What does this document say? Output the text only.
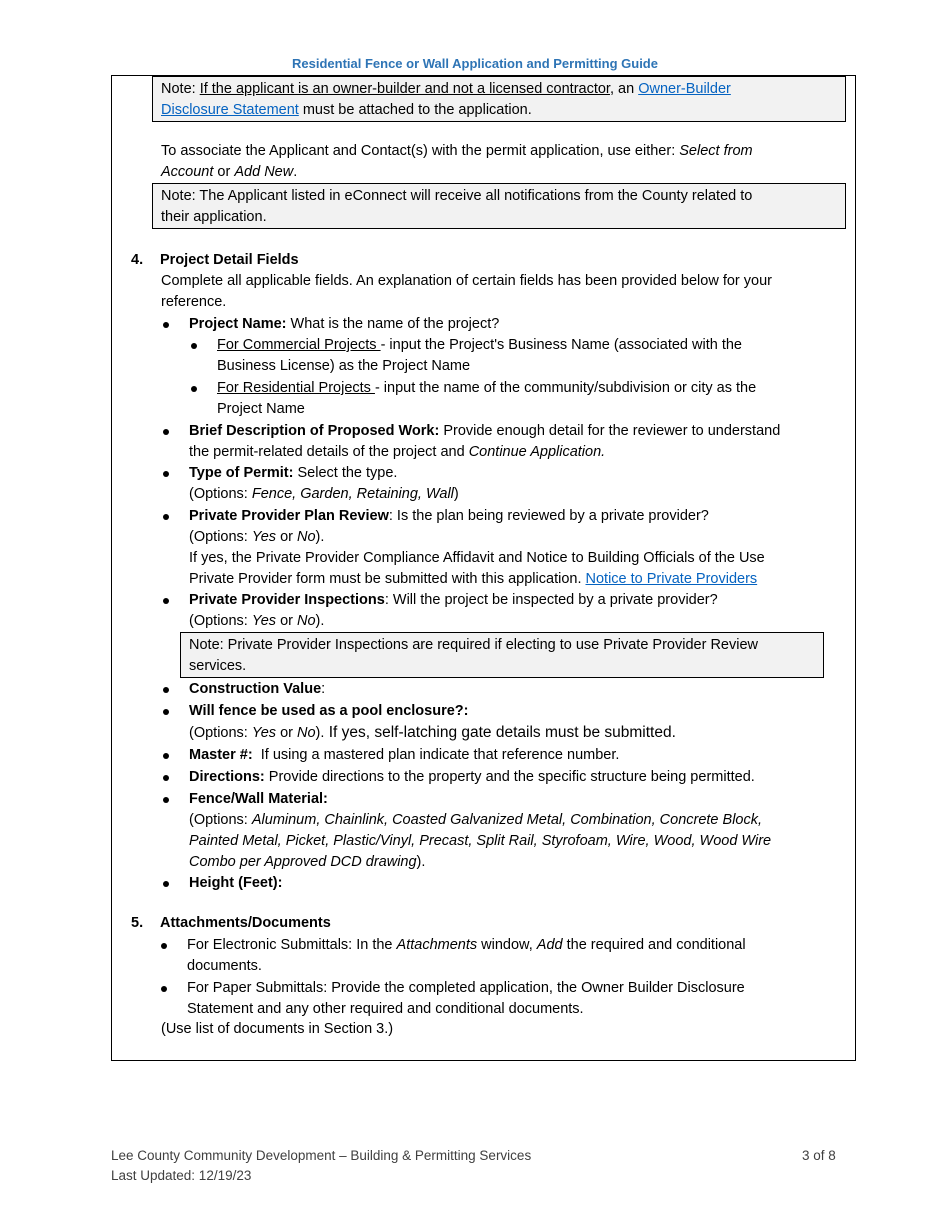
Residential Fence or Wall Application and Permitting Guide
Note: If the applicant is an owner-builder and not a licensed contractor, an Owner-Builder
Disclosure Statement must be attached to the application.
To associate the Applicant and Contact(s) with the permit application, use either: Select from
Account or Add New.
Note: The Applicant listed in eConnect will receive all notifications from the County related to
their application.
4. Project Detail Fields
Complete all applicable fields. An explanation of certain fields has been provided below for your
reference.
Project Name: What is the name of the project?
For Commercial Projects - input the Project's Business Name (associated with the
Business License) as the Project Name
For Residential Projects - input the name of the community/subdivision or city as the
Project Name
Brief Description of Proposed Work: Provide enough detail for the reviewer to understand
the permit-related details of the project and Continue Application.
Type of Permit: Select the type.
(Options: Fence, Garden, Retaining, Wall)
Private Provider Plan Review: Is the plan being reviewed by a private provider?
(Options: Yes or No).
If yes, the Private Provider Compliance Affidavit and Notice to Building Officials of the Use
Private Provider form must be submitted with this application. Notice to Private Providers
Private Provider Inspections: Will the project be inspected by a private provider?
(Options: Yes or No).
Note: Private Provider Inspections are required if electing to use Private Provider Review
services.
Construction Value:
Will fence be used as a pool enclosure?:
(Options: Yes or No). If yes, self-latching gate details must be submitted.
Master #:  If using a mastered plan indicate that reference number.
Directions: Provide directions to the property and the specific structure being permitted.
Fence/Wall Material:
(Options: Aluminum, Chainlink, Coasted Galvanized Metal, Combination, Concrete Block,
Painted Metal, Picket, Plastic/Vinyl, Precast, Split Rail, Styrofoam, Wire, Wood, Wood Wire
Combo per Approved DCD drawing).
Height (Feet):
5. Attachments/Documents
For Electronic Submittals: In the Attachments window, Add the required and conditional
documents.
For Paper Submittals: Provide the completed application, the Owner Builder Disclosure
Statement and any other required and conditional documents.
(Use list of documents in Section 3.)
Lee County Community Development – Building & Permitting Services
Last Updated: 12/19/23
3 of 8
